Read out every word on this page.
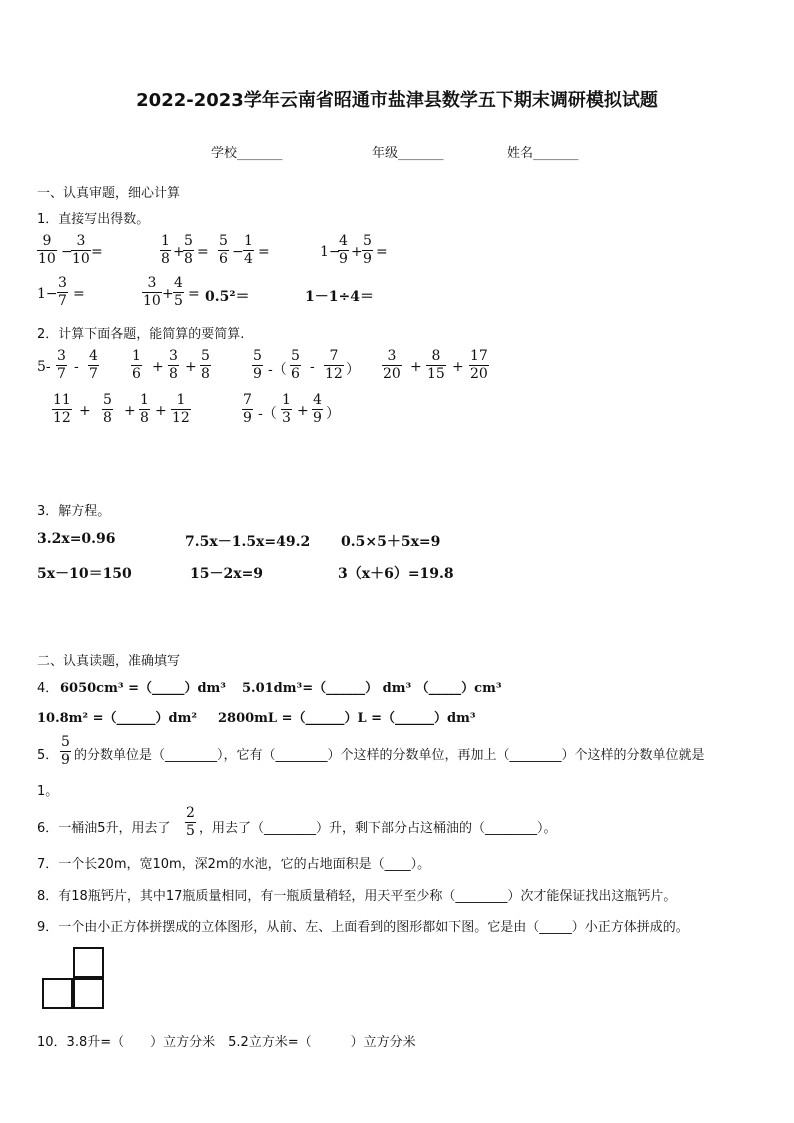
2022-2023学年云南省昭通市盐津县数学五下期末调研模拟试题
学校_______	年级_______	姓名_______
一、认真审题，细心计算
1．直接写出得数。
$\frac{9}{10}$ −
$\frac{3}{10}$ =	$\frac{1}{8}$ +
$\frac{5}{8} = \frac{5}{6} - \frac{1}{4}$ =	1−
$\frac{4}{9} + \frac{5}{9}$ =
$1- \frac{3}{7}$ =	$\frac{3}{10} + \frac{4}{5} = 0.5^2=$	1－1÷4＝
2．计算下面各题，能简算的要简算.
$5- \frac{3}{7} - \frac{4}{7} \frac{1}{6} + \frac{3}{8} + \frac{5}{8}$	$\frac{5}{9}$ -（ $\frac{5}{6} - \frac{7}{12}$ ） $\frac{3}{20} + \frac{8}{15} + \frac{17}{20}$
$\frac{11}{12} + \frac{5}{8} + \frac{1}{8} + \frac{1}{12}$	$\frac{7}{9}$ -（ $\frac{1}{3} + \frac{4}{9}$ ）
3．解方程。
3.2x=0.96	7.5x－1.5x=49.2 0.5×5＋5x=9
5x－10＝150	15－2x=9	3（x＋6）=19.8
二、认真读题，准确填写
4． 6050cm³ =（_____）dm³ 5.01dm³=（______） dm³ （_____）cm³
10.8m² =（______）dm² 2800mL =（______）L =（______）dm³
5． $\frac{5}{9}$ 的分数单位是（________），它有（________）个这样的分数单位，再加上（________）个这样的分数单位就是
1。
6．一桶油5升，用去了 $\frac{2}{5}$ ，用去了（________）升，剩下部分占这桶油的（________）。
7．一个长20m，宽10m，深2m的水池，它的占地面积是（____）。
8．有18瓶钙片，其中17瓶质量相同，有一瓶质量稍轻，用天平至少称（________）次才能保证找出这瓶钙片。
9．一个由小正方体拼摆成的立体图形，从前、左、上面看到的图形都如下图。它是由（_____）小正方体拼成的。
10．3.8升=（　　）立方分米　5.2立方米=（　　　）立方分米
